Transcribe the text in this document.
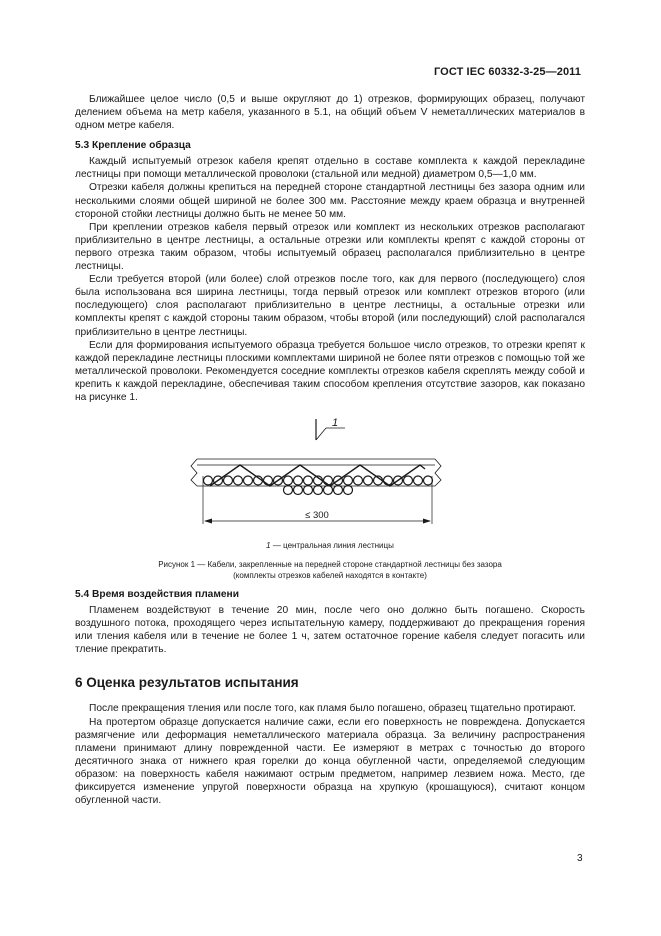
ГОСТ IEC 60332-3-25—2011

Ближайшее целое число (0,5 и выше округляют до 1) отрезков, формирующих образец, получают делением объема на метр кабеля, указанного в 5.1, на общий объем V неметаллических материалов в одном метре кабеля.

5.3 Крепление образца

Каждый испытуемый отрезок кабеля крепят отдельно в составе комплекта к каждой перекладине лестницы при помощи металлической проволоки (стальной или медной) диаметром 0,5—1,0 мм.

Отрезки кабеля должны крепиться на передней стороне стандартной лестницы без зазора одним или несколькими слоями общей шириной не более 300 мм. Расстояние между краем образца и внутренней стороной стойки лестницы должно быть не менее 50 мм.

При креплении отрезков кабеля первый отрезок или комплект из нескольких отрезков располагают приблизительно в центре лестницы, а остальные отрезки или комплекты крепят с каждой стороны от первого отрезка таким образом, чтобы испытуемый образец располагался приблизительно в центре лестницы.

Если требуется второй (или более) слой отрезков после того, как для первого (последующего) слоя была использована вся ширина лестницы, тогда первый отрезок или комплект отрезков второго (или последующего) слоя располагают приблизительно в центре лестницы, а остальные отрезки или комплекты крепят с каждой стороны таким образом, чтобы второй (или последующий) слой располагался приблизительно в центре лестницы.

Если для формирования испытуемого образца требуется большое число отрезков, то отрезки крепят к каждой перекладине лестницы плоскими комплектами шириной не более пяти отрезков с помощью той же металлической проволоки. Рекомендуется соседние комплекты отрезков кабеля скреплять между собой и крепить к каждой перекладине, обеспечивая таким способом крепления отсутствие зазоров, как показано на рисунке 1.

1
≤ 300
1 — центральная линия лестницы
Рисунок 1 — Кабели, закрепленные на передней стороне стандартной лестницы без зазора
(комплекты отрезков кабелей находятся в контакте)
5.4 Время воздействия пламени

Пламенем воздействуют в течение 20 мин, после чего оно должно быть погашено. Скорость воздушного потока, проходящего через испытательную камеру, поддерживают до прекращения горения или тления кабеля или в течение не более 1 ч, затем остаточное горение кабеля следует погасить или тление прекратить.

6 Оценка результатов испытания

После прекращения тления или после того, как пламя было погашено, образец тщательно протирают.

На протертом образце допускается наличие сажи, если его поверхность не повреждена. Допускается размягчение или деформация неметаллического материала образца. За величину распространения пламени принимают длину поврежденной части. Ее измеряют в метрах с точностью до второго десятичного знака от нижнего края горелки до конца обугленной части, определяемой следующим образом: на поверхность кабеля нажимают острым предметом, например лезвием ножа. Место, где фиксируется изменение упругой поверхности образца на хрупкую (крошащуюся), считают концом обугленной части.

3
